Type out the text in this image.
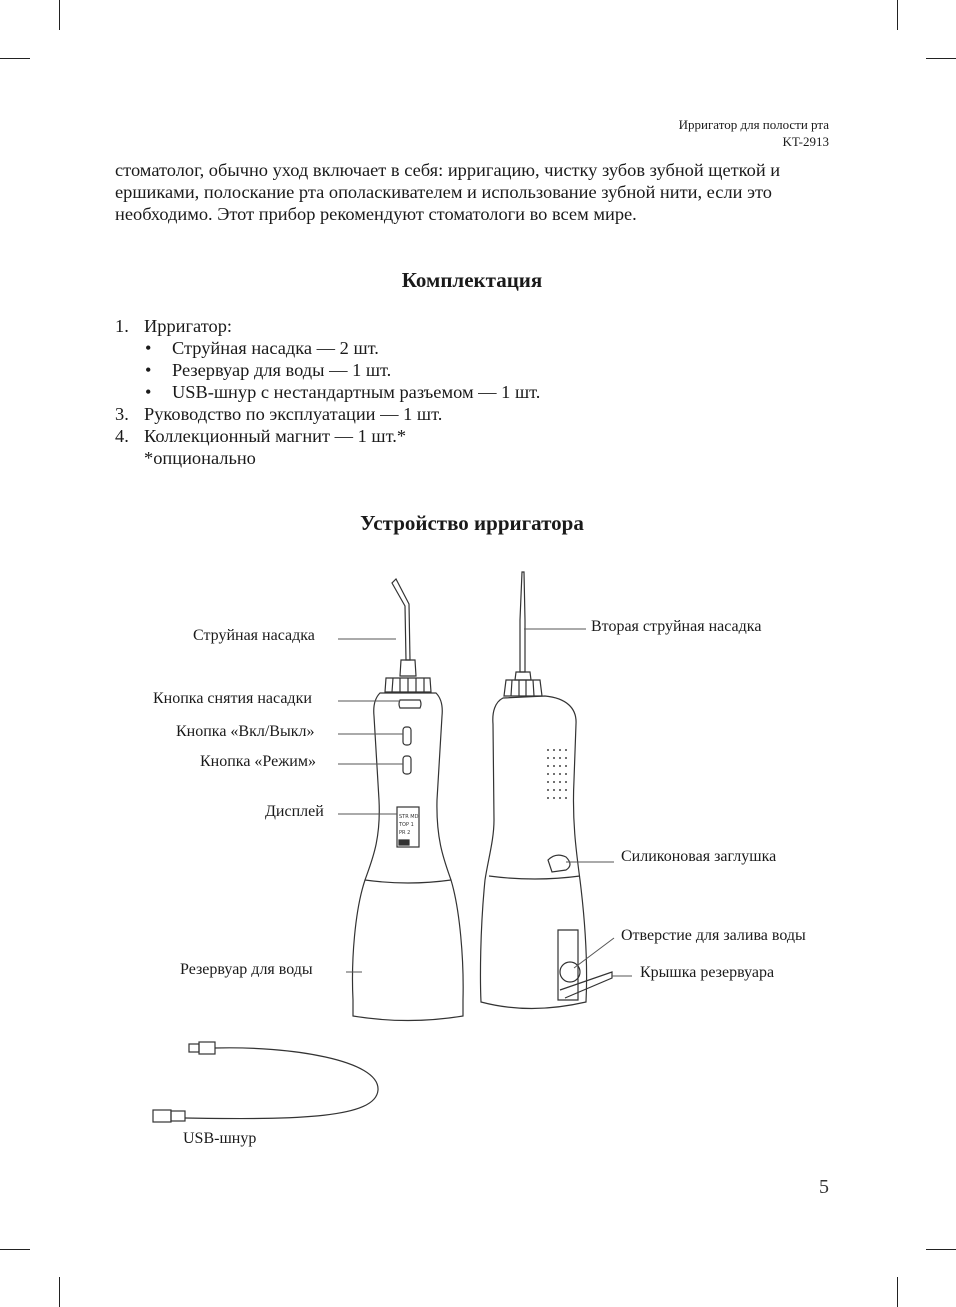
Ирригатор для полости рта
KT-2913
стоматолог, обычно уход включает в себя: ирригацию, чистку зубов зубной щеткой и ершиками, полоскание рта ополаскивателем и использование зубной нити, если это необходимо. Этот прибор рекомендуют стоматологи во всем мире.
Комплектация
1. Ирригатор:
• Струйная насадка — 2 шт.
• Резервуар для воды — 1 шт.
• USB-шнур с нестандартным разъемом — 1 шт.
3. Руководство по эксплуатации — 1 шт.
4. Коллекционный магнит — 1 шт.*
*опционально
Устройство ирригатора
STR MD
TOP 1
PR 2
Струйная насадка
Кнопка снятия насадки
Кнопка «Вкл/Выкл»
Кнопка «Режим»
Дисплей
Резервуар для воды
Вторая струйная насадка
Силиконовая заглушка
Отверстие для залива воды
Крышка резервуара
USB-шнур
5
